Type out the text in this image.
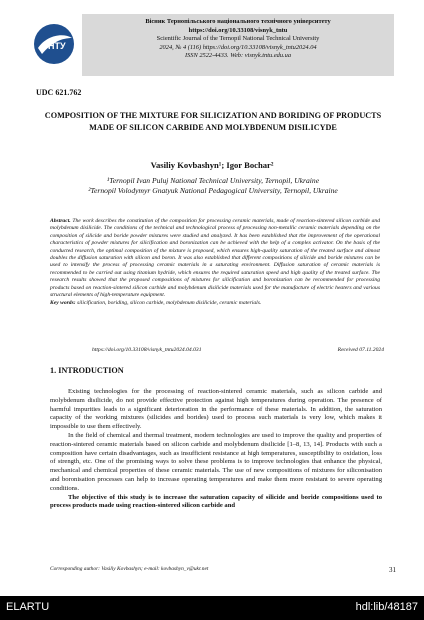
ТНТУ
Вісник Тернопільського національного технічного університету
https://doi.org/10.33108/visnyk_tntu
Scientific Journal of the Ternopil National Technical University
2024, № 4 (116) https://doi.org/10.33108/visnyk_tntu2024.04
ISSN 2522-4433. Web: visnyk.tntu.edu.ua
UDC 621.762
COMPOSITION OF THE MIXTURE FOR SILICIZATION AND BORIDING OF PRODUCTS MADE OF SILICON CARBIDE AND MOLYBDENUM DISILICYDE
Vasiliy Kovbashyn¹; Igor Bochar²
¹Ternopil Ivan Puluj National Technical University, Ternopil, Ukraine
²Ternopil Volodymyr Gnatyuk National Pedagogical University, Ternopil, Ukraine
Abstract. The work describes the constitution of the composition for processing ceramic materials, made of reaction-sintered silicon carbide and molybdenum disilicide. The conditions of the technical and technological process of processing non-metallic ceramic materials depending on the composition of silicide and boride powder mixtures were studied and analyzed. It has been established that the improvement of the operational characteristics of powder mixtures for silicification and boronization can be achieved with the help of a complex activator. On the basis of the conducted research, the optimal composition of the mixture is proposed, which ensures high-quality saturation of the treated surface and almost doubles the diffusion saturation with silicon and boron. It was also established that different compositions of silicide and boride mixtures can be used to intensify the process of processing ceramic materials in a saturating environment. Diffusion saturation of ceramic materials is recommended to be carried out using titanium hydride, which ensures the required saturation speed and high quality of the treated surface. The research results showed that the proposed compositions of mixtures for silicification and boronization can be recommended for processing products based on reaction-sintered silicon carbide and molybdenum disilicide materials used for the manufacture of electric heaters and various structural elements of high-temperature equipment.
Key words: silicification, boriding, silicon carbide, molybdenum disilicide, ceramic materials.
https://doi.org/10.33108/visnyk_tntu2024.04.031	Received 07.11.2024
1. INTRODUCTION

Existing technologies for the processing of reaction-sintered ceramic materials, such as silicon carbide and molybdenum disilicide, do not provide effective protection against high temperatures during operation. The presence of harmful impurities leads to a significant deterioration in the performance of these materials. In addition, the saturation capacity of the working mixtures (silicides and borides) used to process such materials is very low, which makes it impossible to use them effectively.

In the field of chemical and thermal treatment, modern technologies are used to improve the quality and properties of reaction-sintered ceramic materials based on silicon carbide and molybdenum disilicide [1–8, 13, 14]. Products with such a composition have certain disadvantages, such as insufficient resistance at high temperatures, susceptibility to oxidation, loss of strength, etc. One of the promising ways to solve these problems is to improve technologies that enhance the physical, mechanical and chemical properties of these ceramic materials. The use of new compositions of mixtures for siliconisation and boronisation processes can help to increase operating temperatures and make them more resistant to severe operating conditions.

The objective of this study is to increase the saturation capacity of silicide and boride compositions used to process products made using reaction-sintered silicon carbide and

Corresponding author: Vasiliy Kovbashyn; e-mail: kovbashyn_v@ukr.net	31
ELARTU	hdl:lib/48187
